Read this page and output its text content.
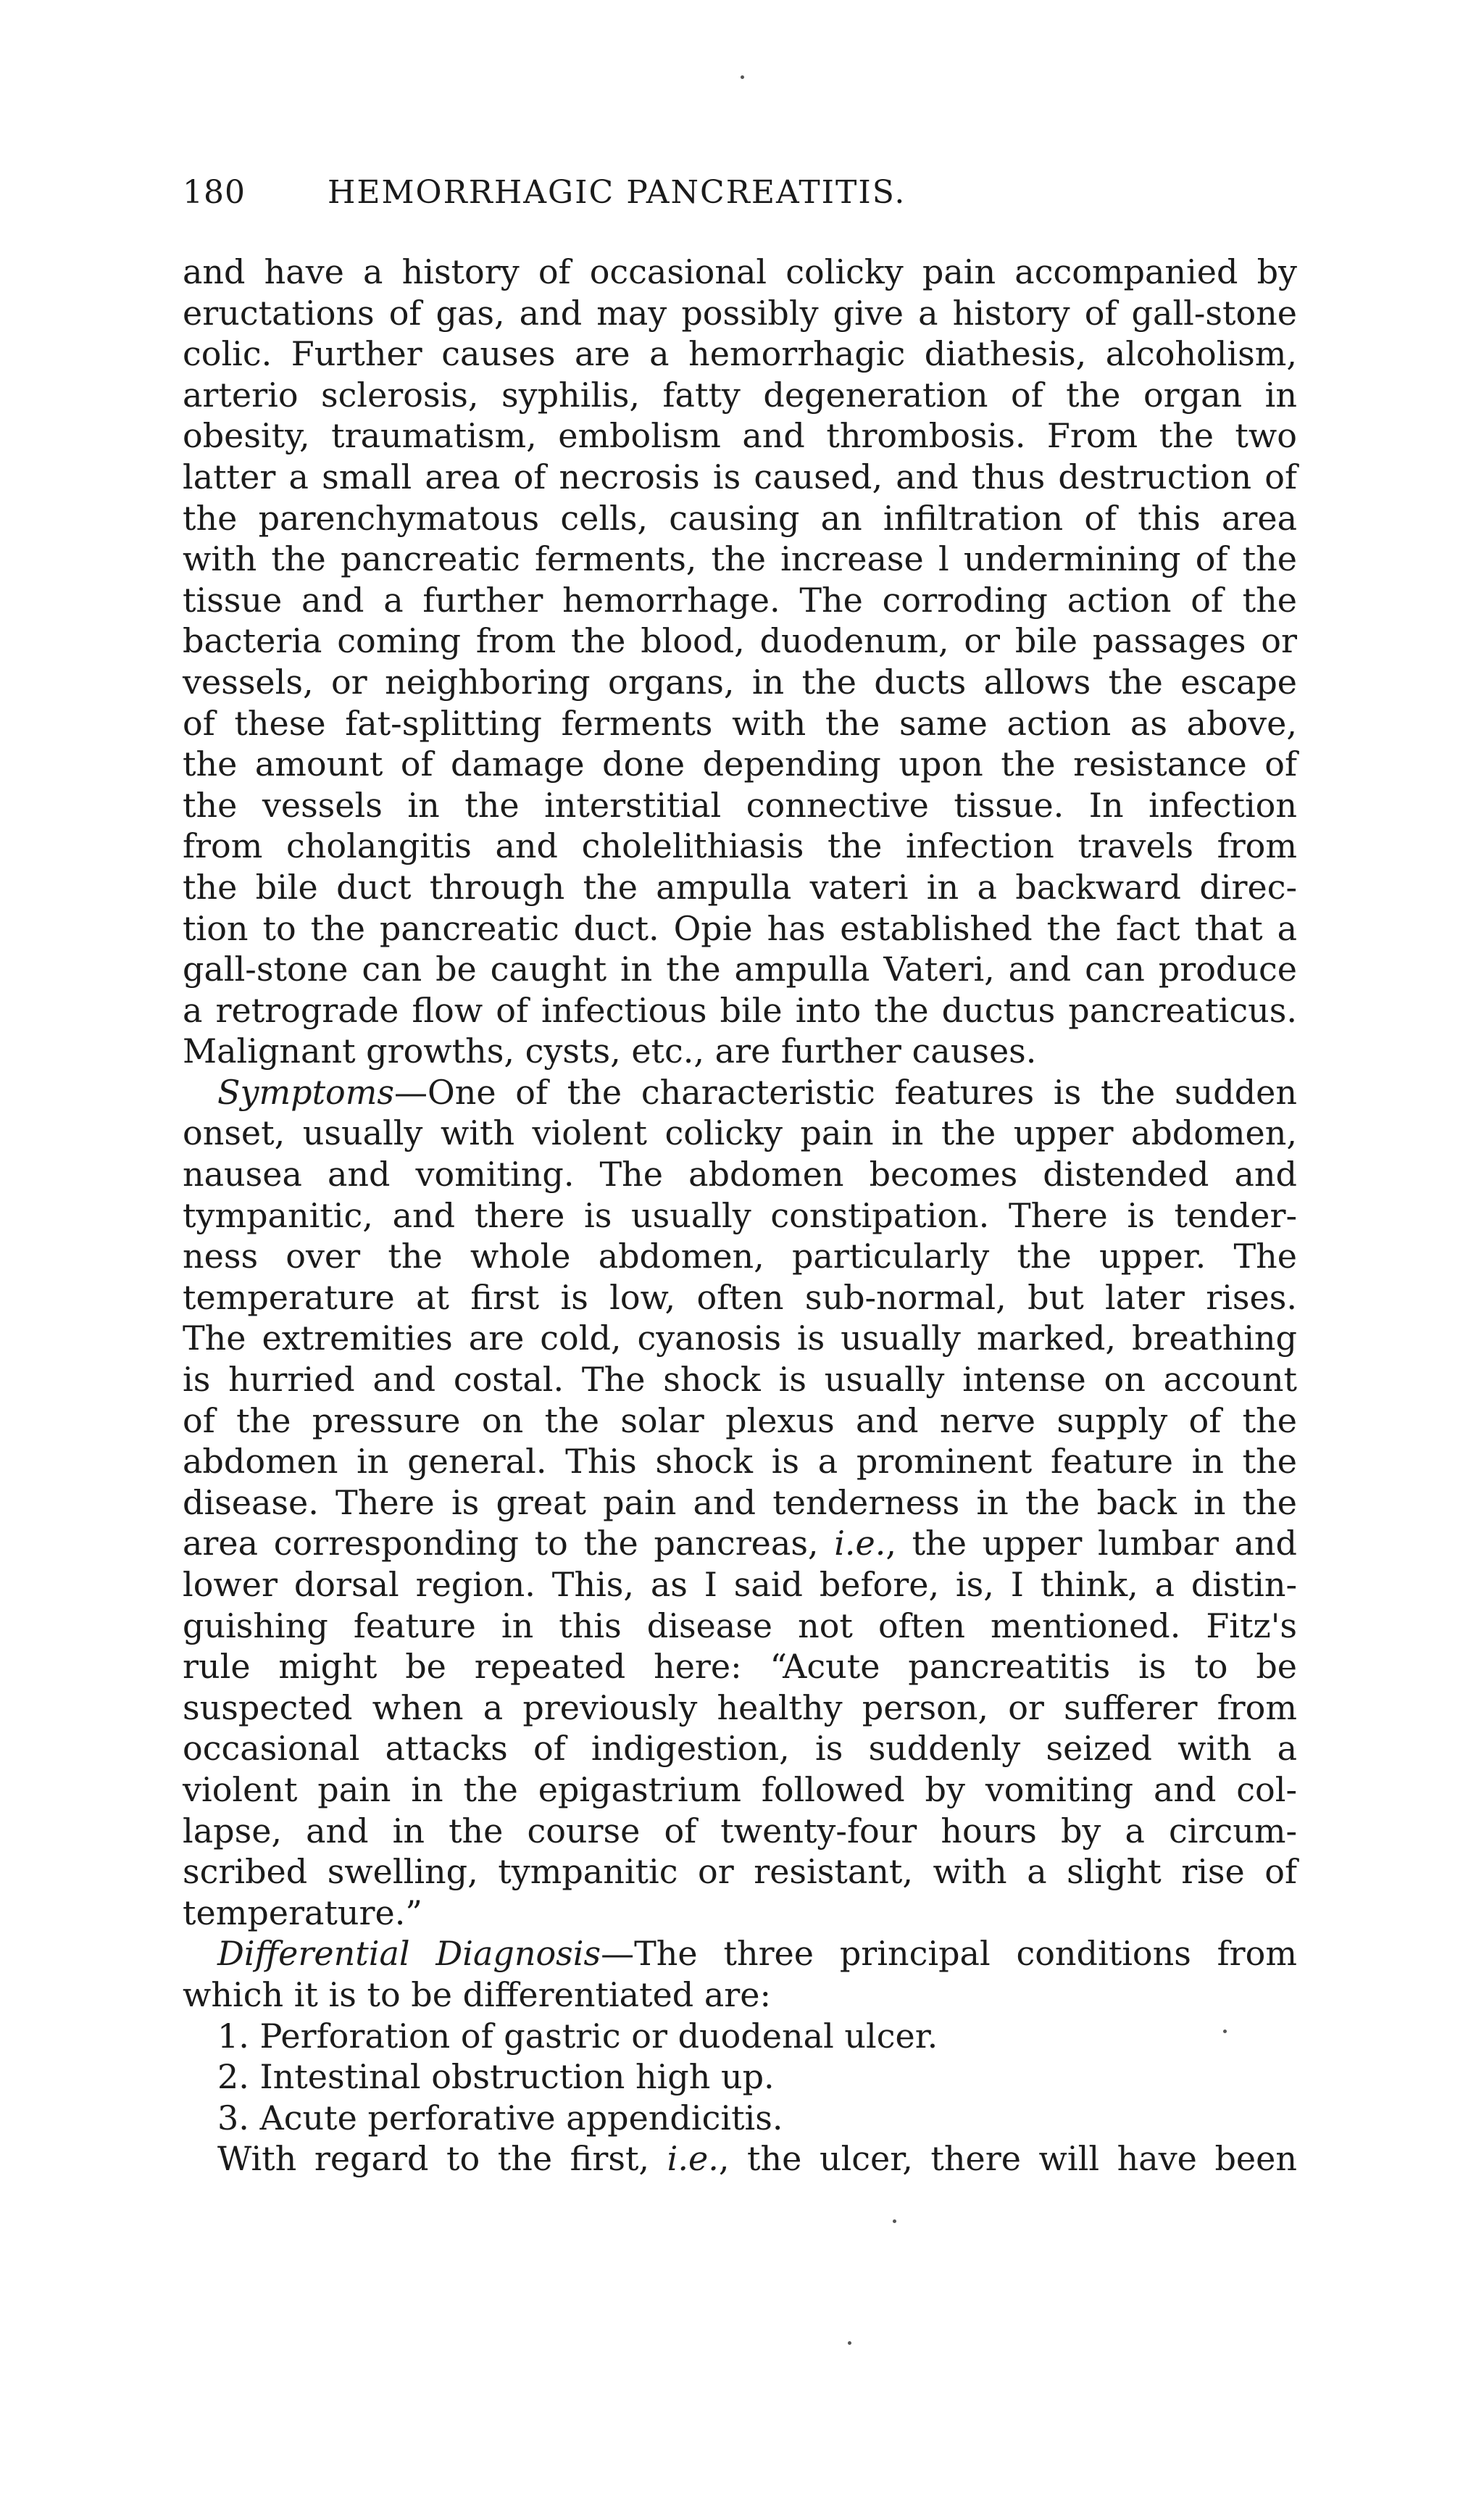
180	HEMORRHAGIC PANCREATITIS.
and have a history of occasional colicky pain accompanied by
eructations of gas, and may possibly give a history of gall-stone
colic. Further causes are a hemorrhagic diathesis, alcoholism,
arterio sclerosis, syphilis, fatty degeneration of the organ in
obesity, traumatism, embolism and thrombosis. From the two
latter a small area of necrosis is caused, and thus destruction of
the parenchymatous cells, causing an infiltration of this area
with the pancreatic ferments, the increase l undermining of the
tissue and a further hemorrhage. The corroding action of the
bacteria coming from the blood, duodenum, or bile passages or
vessels, or neighboring organs, in the ducts allows the escape
of these fat-splitting ferments with the same action as above,
the amount of damage done depending upon the resistance of
the vessels in the interstitial connective tissue. In infection
from cholangitis and cholelithiasis the infection travels from
the bile duct through the ampulla vateri in a backward direc-
tion to the pancreatic duct. Opie has established the fact that a
gall-stone can be caught in the ampulla Vateri, and can produce
a retrograde flow of infectious bile into the ductus pancreaticus.
Malignant growths, cysts, etc., are further causes.
Symptoms—One of the characteristic features is the sudden
onset, usually with violent colicky pain in the upper abdomen,
nausea and vomiting. The abdomen becomes distended and
tympanitic, and there is usually constipation. There is tender-
ness over the whole abdomen, particularly the upper. The
temperature at first is low, often sub-normal, but later rises.
The extremities are cold, cyanosis is usually marked, breathing
is hurried and costal. The shock is usually intense on account
of the pressure on the solar plexus and nerve supply of the
abdomen in general. This shock is a prominent feature in the
disease. There is great pain and tenderness in the back in the
area corresponding to the pancreas, i.e., the upper lumbar and
lower dorsal region. This, as I said before, is, I think, a distin-
guishing feature in this disease not often mentioned. Fitz's
rule might be repeated here: “Acute pancreatitis is to be
suspected when a previously healthy person, or sufferer from
occasional attacks of indigestion, is suddenly seized with a
violent pain in the epigastrium followed by vomiting and col-
lapse, and in the course of twenty-four hours by a circum-
scribed swelling, tympanitic or resistant, with a slight rise of
temperature.”
Differential Diagnosis—The three principal conditions from
which it is to be differentiated are:
1. Perforation of gastric or duodenal ulcer.
2. Intestinal obstruction high up.
3. Acute perforative appendicitis.
With regard to the first, i.e., the ulcer, there will have been
